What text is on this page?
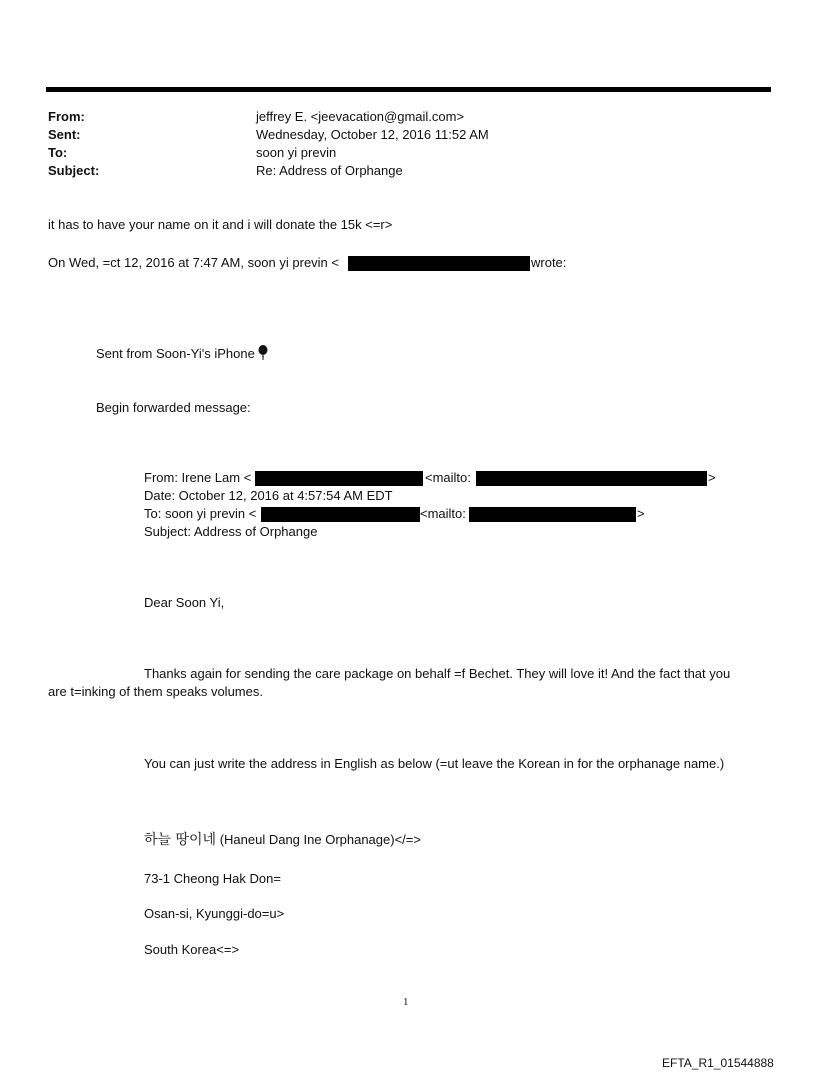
From:	jeffrey E. <jeevacation@gmail.com>
Sent:	Wednesday, October 12, 2016 11:52 AM
To:	soon yi previn
Subject:	Re: Address of Orphange
it has to have your name on it and i will donate the 15k <=r>
On Wed, =ct 12, 2016 at 7:47 AM, soon yi previn <	wrote:
Sent from Soon-Yi's iPhone
Begin forwarded message:
From: Irene Lam <	<mailto:	>
Date: October 12, 2016 at 4:57:54 AM EDT
To: soon yi previn <	<mailto:	>
Subject: Address of Orphange
Dear Soon Yi,
Thanks again for sending the care package on behalf =f Bechet. They will love it! And the fact that you
are t=inking of them speaks volumes.
You can just write the address in English as below (=ut leave the Korean in for the orphanage name.)
하늘 땅이네 (Haneul Dang Ine Orphanage)</=>
73-1 Cheong Hak Don=
Osan-si, Kyunggi-do=u>
South Korea<=>
1
EFTA_R1_01544888
